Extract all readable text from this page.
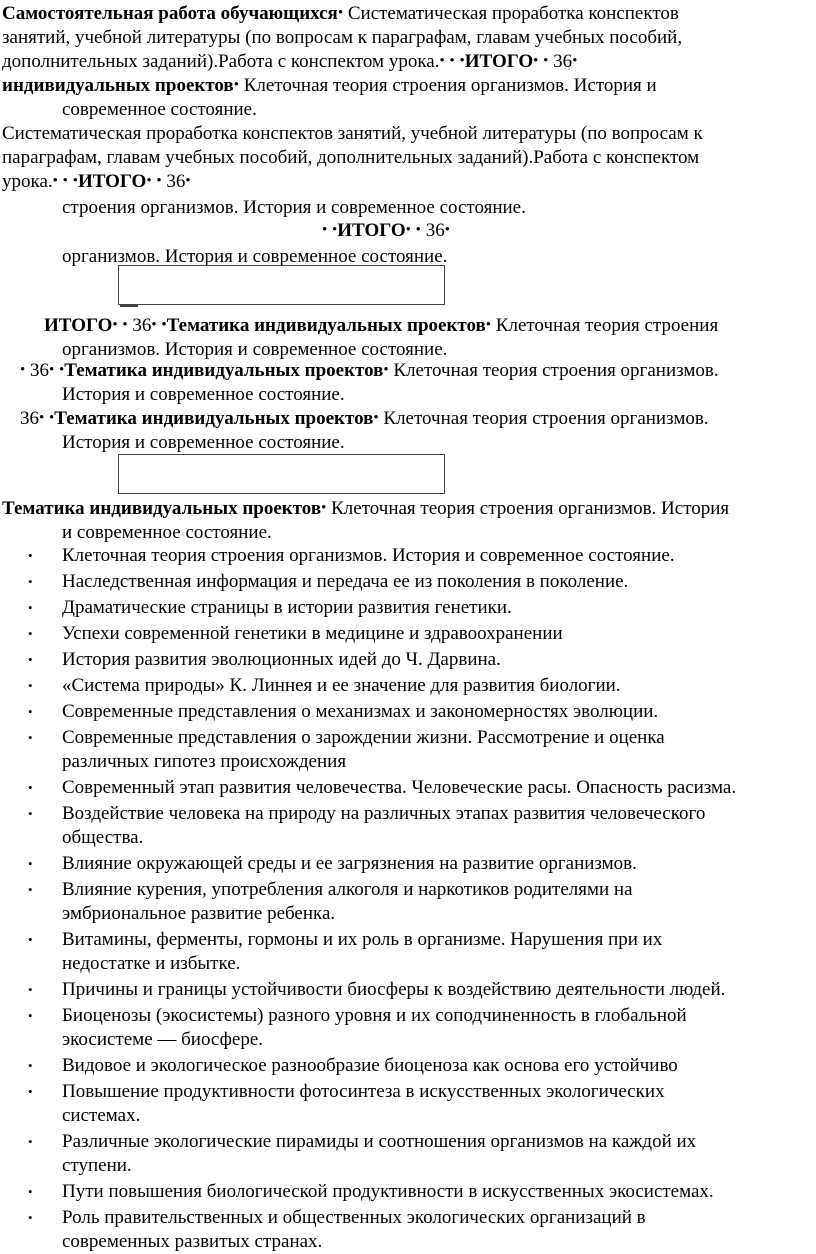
Самостоятельная работа обучающихся• Систематическая проработка конспектов
занятий, учебной литературы (по вопросам к параграфам, главам учебных пособий,
дополнительных заданий).Работа с конспектом урока.• • •ИТОГО• • 36•
индивидуальных проектов• Клеточная теория строения организмов. История и
современное состояние.
Систематическая проработка конспектов занятий, учебной литературы (по вопросам к
параграфам, главам учебных пособий, дополнительных заданий).Работа с конспектом
урока.• • •ИТОГО• • 36•
строения организмов. История и современное состояние.
• •ИТОГО• • 36•
организмов. История и современное состояние.
ИТОГО• • 36• •Тематика индивидуальных проектов• Клеточная теория строения
организмов. История и современное состояние.
• 36• •Тематика индивидуальных проектов• Клеточная теория строения организмов.
История и современное состояние.
36• •Тематика индивидуальных проектов• Клеточная теория строения организмов.
История и современное состояние.
Тематика индивидуальных проектов• Клеточная теория строения организмов. История
и современное состояние.
• Клеточная теория строения организмов. История и современное состояние.
• Наследственная информация и передача ее из поколения в поколение.
• Драматические страницы в истории развития генетики.
• Успехи современной генетики в медицине и здравоохранении
• История развития эволюционных идей до Ч. Дарвина.
• «Система природы» К. Линнея и ее значение для развития биологии.
• Современные представления о механизмах и закономерностях эволюции.
• Современные представления о зарождении жизни. Рассмотрение и оценка
различных гипотез происхождения
• Современный этап развития человечества. Человеческие расы. Опасность расизма.
• Воздействие человека на природу на различных этапах развития человеческого
общества.
• Влияние окружающей среды и ее загрязнения на развитие организмов.
• Влияние курения, употребления алкоголя и наркотиков родителями на
эмбриональное развитие ребенка.
• Витамины, ферменты, гормоны и их роль в организме. Нарушения при их
недостатке и избытке.
• Причины и границы устойчивости биосферы к воздействию деятельности людей.
• Биоценозы (экосистемы) разного уровня и их соподчиненность в глобальной
экосистеме — биосфере.
• Видовое и экологическое разнообразие биоценоза как основа его устойчиво
• Повышение продуктивности фотосинтеза в искусственных экологических
системах.
• Различные экологические пирамиды и соотношения организмов на каждой их
ступени.
• Пути повышения биологической продуктивности в искусственных экосистемах.
• Роль правительственных и общественных экологических организаций в
современных развитых странах.
